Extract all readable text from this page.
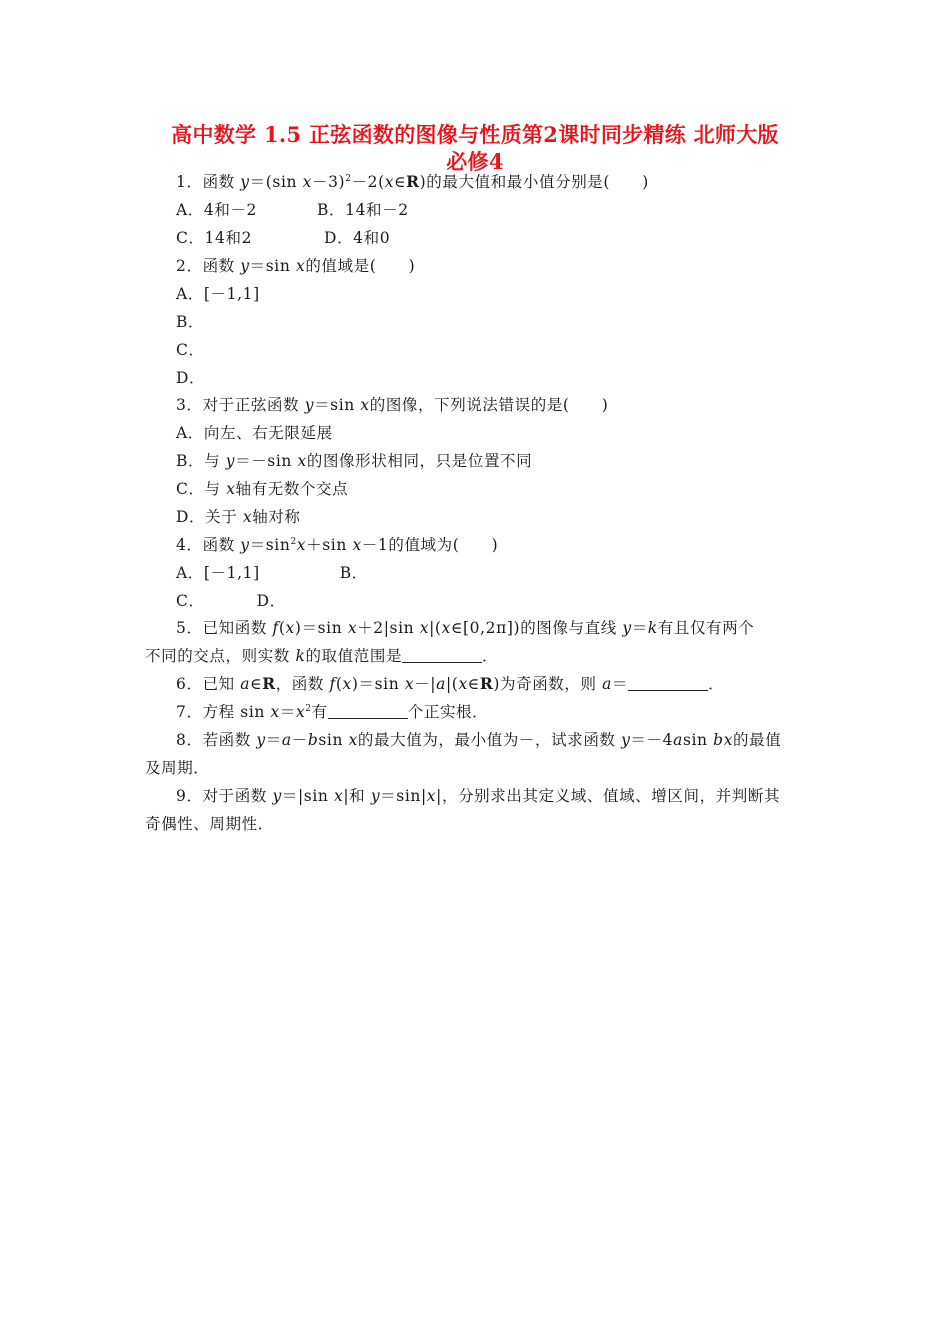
高中数学 1.5 正弦函数的图像与性质第2课时同步精练 北师大版
必修4
1．函数 y＝(sin x－3)$^2$－2(x∈R)的最大值和最小值分别是(　　)
A．4和－2	B．14和－2
C．14和2	D．4和0
2．函数 y＝sin x的值域是(　　)
A．[－1,1]
B．
C．
D．
3．对于正弦函数 y＝sin x的图像，下列说法错误的是(　　)
A．向左、右无限延展
B．与 y＝－sin x的图像形状相同，只是位置不同
C．与 x轴有无数个交点
D．关于 x轴对称
4．函数 $y=\sin^2x+\sin$ x－1的值域为(　　)
A．[－1,1]	B．
C．	D．
5．已知函数 f(x)＝sin x＋2|sin x|(x∈[0,2π])的图像与直线 y＝k有且仅有两个
不同的交点，则实数 k的取值范围是	．
6．已知 a∈R，函数 f(x)＝sin x－|a|(x∈R)为奇函数，则 a＝	．
7．方程 $\sin x=x^2$有	个正实根．
8．若函数 y＝a－bsin x的最大值为，最小值为－，试求函数 y＝－4asin bx的最值
及周期．
9．对于函数 y＝|sin x|和 y＝sin|x|，分别求出其定义域、值域、增区间，并判断其
奇偶性、周期性．
